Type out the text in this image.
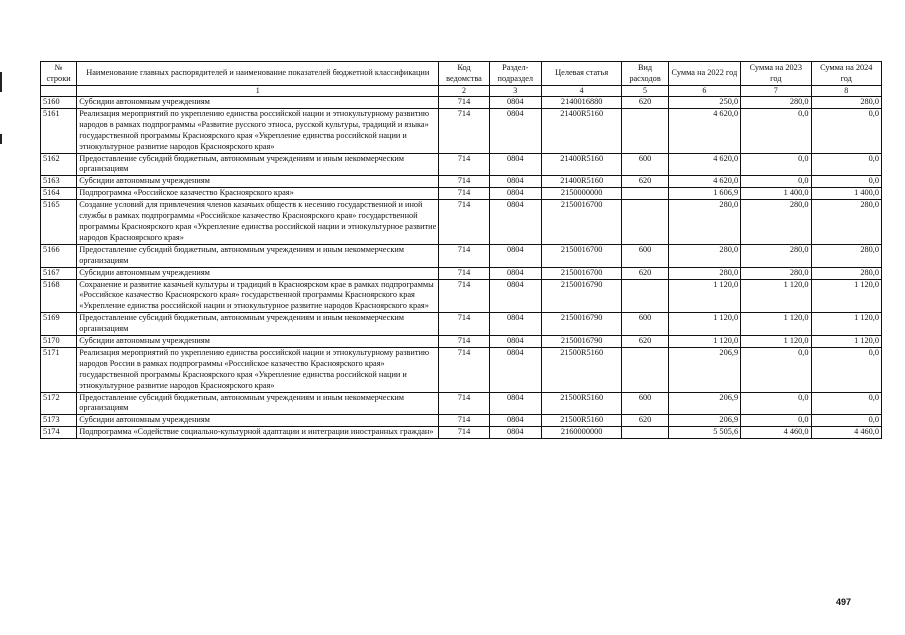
№ строки	Наименование главных распорядителей и наименование показателей бюджетной классификации	Код ведомства	Раздел-подраздел	Целевая статья	Вид расходов	Сумма на 2022 год	Сумма на 2023 год	Сумма на 2024 год
	1	2	3	4	5	6	7	8
5160	Субсидии автономным учреждениям	714	0804	2140016880	620	250,0	280,0	280,0
5161	Реализация мероприятий по укреплению единства российской нации и этнокультурному развитию народов в рамках подпрограммы «Развитие русского этноса, русской культуры, традиций и языка» государственной программы Красноярского края «Укрепление единства российской нации и этнокультурное развитие народов Красноярского края»	714	0804	21400R5160		4 620,0	0,0	0,0
5162	Предоставление субсидий бюджетным, автономным учреждениям и иным некоммерческим организациям	714	0804	21400R5160	600	4 620,0	0,0	0,0
5163	Субсидии автономным учреждениям	714	0804	21400R5160	620	4 620,0	0,0	0,0
5164	Подпрограмма «Российское казачество Красноярского края»	714	0804	2150000000		1 606,9	1 400,0	1 400,0
5165	Создание условий для привлечения членов казачьих обществ к несению государственной и иной службы в рамках подпрограммы «Российское казачество Красноярского края» государственной программы Красноярского края «Укрепление единства российской нации и этнокультурное развитие народов Красноярского края»	714	0804	2150016700		280,0	280,0	280,0
5166	Предоставление субсидий бюджетным, автономным учреждениям и иным некоммерческим организациям	714	0804	2150016700	600	280,0	280,0	280,0
5167	Субсидии автономным учреждениям	714	0804	2150016700	620	280,0	280,0	280,0
5168	Сохранение и развитие казачьей культуры и традиций в Красноярском крае в рамках подпрограммы «Российское казачество Красноярского края» государственной программы Красноярского края «Укрепление единства российской нации и этнокультурное развитие народов Красноярского края»	714	0804	2150016790		1 120,0	1 120,0	1 120,0
5169	Предоставление субсидий бюджетным, автономным учреждениям и иным некоммерческим организациям	714	0804	2150016790	600	1 120,0	1 120,0	1 120,0
5170	Субсидии автономным учреждениям	714	0804	2150016790	620	1 120,0	1 120,0	1 120,0
5171	Реализация мероприятий по укреплению единства российской нации и этнокультурному развитию народов России в рамках подпрограммы «Российское казачество Красноярского края» государственной программы Красноярского края «Укрепление единства российской нации и этнокультурное развитие народов Красноярского края»	714	0804	21500R5160		206,9	0,0	0,0
5172	Предоставление субсидий бюджетным, автономным учреждениям и иным некоммерческим организациям	714	0804	21500R5160	600	206,9	0,0	0,0
5173	Субсидии автономным учреждениям	714	0804	21500R5160	620	206,9	0,0	0,0
5174	Подпрограмма «Содействие социально-культурной адаптации и интеграции иностранных граждан»	714	0804	2160000000		5 505,6	4 460,0	4 460,0
497
